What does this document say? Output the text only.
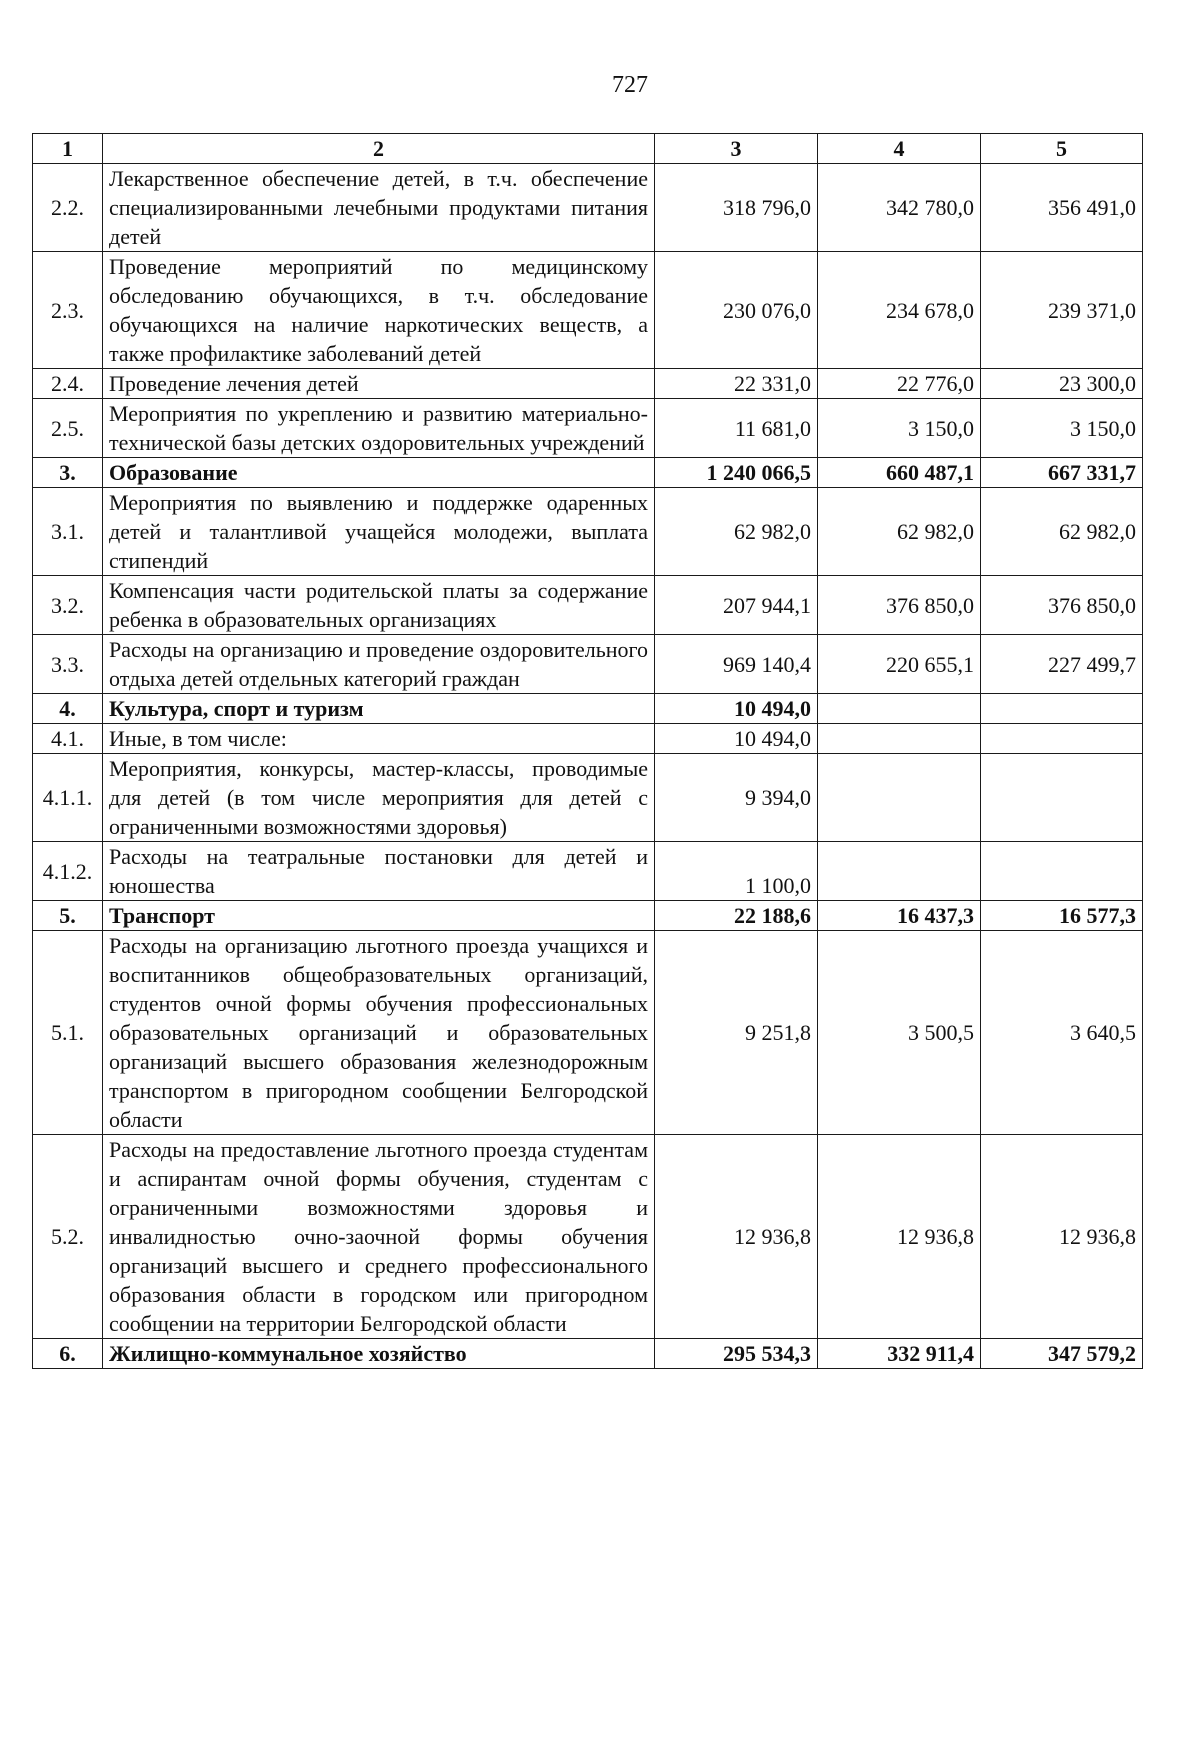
727
1	2	3	4	5
2.2.	Лекарственное обеспечение детей, в т.ч. обеспечение специализированными лечебными продуктами питания детей	318 796,0	342 780,0	356 491,0
2.3.	Проведение мероприятий по медицинскому обследованию обучающихся, в т.ч. обследование обучающихся на наличие наркотических веществ, а также профилактике заболеваний детей	230 076,0	234 678,0	239 371,0
2.4.	Проведение лечения детей	22 331,0	22 776,0	23 300,0
2.5.	Мероприятия по укреплению и развитию материально-технической базы детских оздоровительных учреждений	11 681,0	3 150,0	3 150,0
3.	Образование	1 240 066,5	660 487,1	667 331,7
3.1.	Мероприятия по выявлению и поддержке одаренных детей и талантливой учащейся молодежи, выплата стипендий	62 982,0	62 982,0	62 982,0
3.2.	Компенсация части родительской платы за содержание ребенка в образовательных организациях	207 944,1	376 850,0	376 850,0
3.3.	Расходы на организацию и проведение оздоровительного отдыха детей отдельных категорий граждан	969 140,4	220 655,1	227 499,7
4.	Культура, спорт и туризм	10 494,0		
4.1.	Иные, в том числе:	10 494,0		
4.1.1.	Мероприятия, конкурсы, мастер-классы, проводимые для детей (в том числе мероприятия для детей с ограниченными возможностями здоровья)	9 394,0		
4.1.2.	Расходы на театральные постановки для детей и юношества	1 100,0		
5.	Транспорт	22 188,6	16 437,3	16 577,3
5.1.	Расходы на организацию льготного проезда учащихся и воспитанников общеобразовательных организаций, студентов очной формы обучения профессиональных образовательных организаций и образовательных организаций высшего образования железнодорожным транспортом в пригородном сообщении Белгородской области	9 251,8	3 500,5	3 640,5
5.2.	Расходы на предоставление льготного проезда студентам и аспирантам очной формы обучения, студентам с ограниченными возможностями здоровья и инвалидностью очно-заочной формы обучения организаций высшего и среднего профессионального образования области в городском или пригородном сообщении на территории Белгородской области	12 936,8	12 936,8	12 936,8
6.	Жилищно-коммунальное хозяйство	295 534,3	332 911,4	347 579,2
